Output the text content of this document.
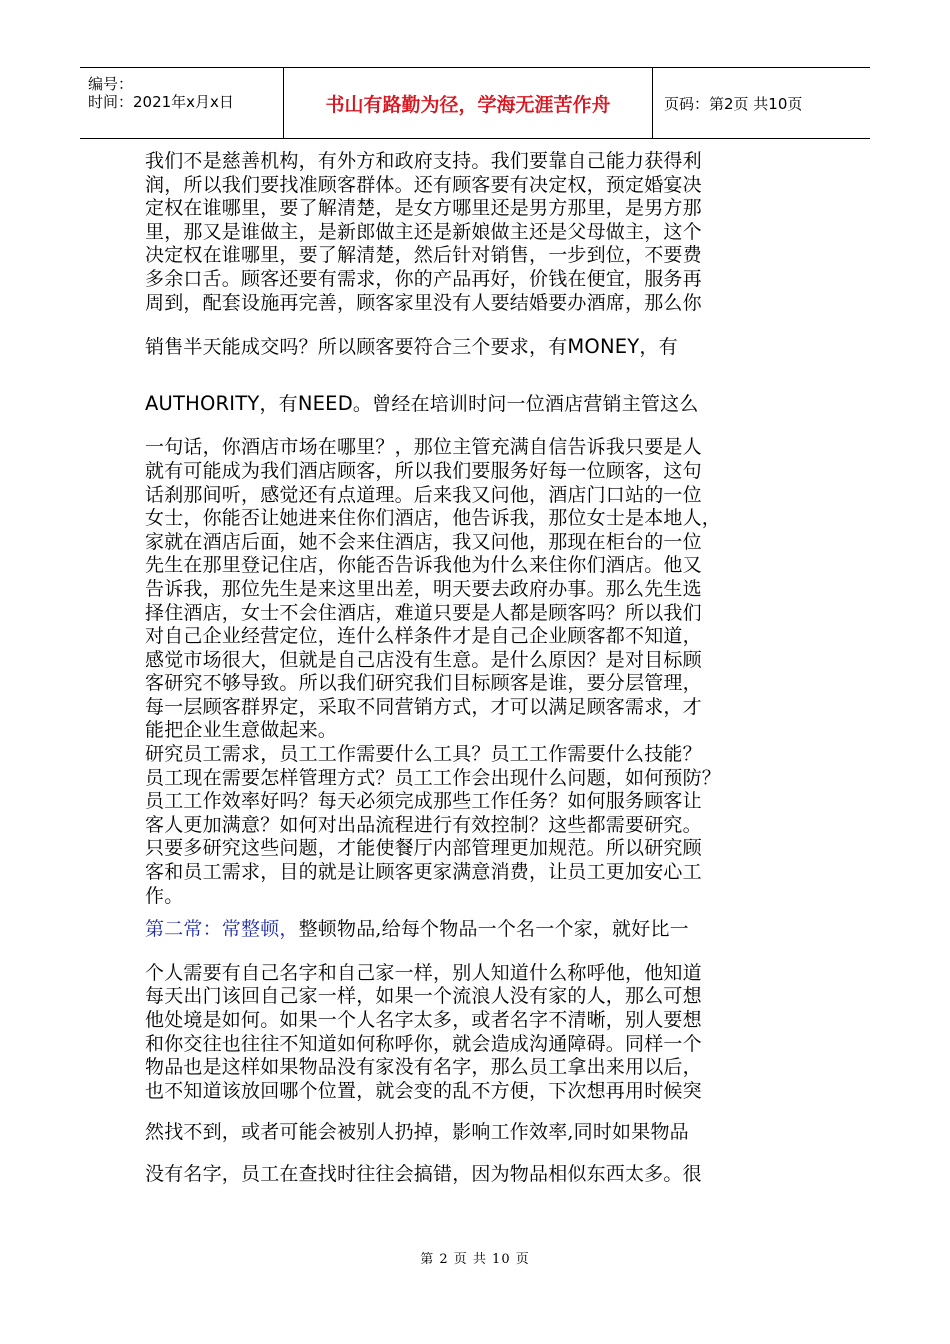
编号：
时间：2021年x月x日	书山有路勤为径，学海无涯苦作舟	页码：第2页 共10页
我们不是慈善机构，有外方和政府支持。我们要靠自己能力获得利
润，所以我们要找准顾客群体。还有顾客要有决定权，预定婚宴决
定权在谁哪里，要了解清楚，是女方哪里还是男方那里，是男方那
里，那又是谁做主，是新郎做主还是新娘做主还是父母做主，这个
决定权在谁哪里，要了解清楚，然后针对销售，一步到位，不要费
多余口舌。顾客还要有需求，你的产品再好，价钱在便宜，服务再
周到，配套设施再完善，顾客家里没有人要结婚要办酒席，那么你
销售半天能成交吗？所以顾客要符合三个要求，有MONEY，有
AUTHORITY，有NEED。曾经在培训时问一位酒店营销主管这么
一句话，你酒店市场在哪里？，那位主管充满自信告诉我只要是人
就有可能成为我们酒店顾客，所以我们要服务好每一位顾客，这句
话刹那间听，感觉还有点道理。后来我又问他，酒店门口站的一位
女士，你能否让她进来住你们酒店，他告诉我，那位女士是本地人，
家就在酒店后面，她不会来住酒店，我又问他，那现在柜台的一位
先生在那里登记住店，你能否告诉我他为什么来住你们酒店。他又
告诉我，那位先生是来这里出差，明天要去政府办事。那么先生选
择住酒店，女士不会住酒店，难道只要是人都是顾客吗？所以我们
对自己企业经营定位，连什么样条件才是自己企业顾客都不知道，
感觉市场很大，但就是自己店没有生意。是什么原因？是对目标顾
客研究不够导致。所以我们研究我们目标顾客是谁，要分层管理，
每一层顾客群界定，采取不同营销方式，才可以满足顾客需求，才
能把企业生意做起来。
研究员工需求，员工工作需要什么工具？员工工作需要什么技能？
员工现在需要怎样管理方式？员工工作会出现什么问题，如何预防？
员工工作效率好吗？每天必须完成那些工作任务？如何服务顾客让
客人更加满意？如何对出品流程进行有效控制？这些都需要研究。
只要多研究这些问题，才能使餐厅内部管理更加规范。所以研究顾
客和员工需求，目的就是让顾客更家满意消费，让员工更加安心工
作。
第二常：常整顿，整顿物品,给每个物品一个名一个家，就好比一
个人需要有自己名字和自己家一样，别人知道什么称呼他，他知道
每天出门该回自己家一样，如果一个流浪人没有家的人，那么可想
他处境是如何。如果一个人名字太多，或者名字不清晰，别人要想
和你交往也往往不知道如何称呼你，就会造成沟通障碍。同样一个
物品也是这样如果物品没有家没有名字，那么员工拿出来用以后，
也不知道该放回哪个位置，就会变的乱不方便，下次想再用时候突
然找不到，或者可能会被别人扔掉，影响工作效率,同时如果物品
没有名字，员工在查找时往往会搞错，因为物品相似东西太多。很
第 2 页 共 10 页
